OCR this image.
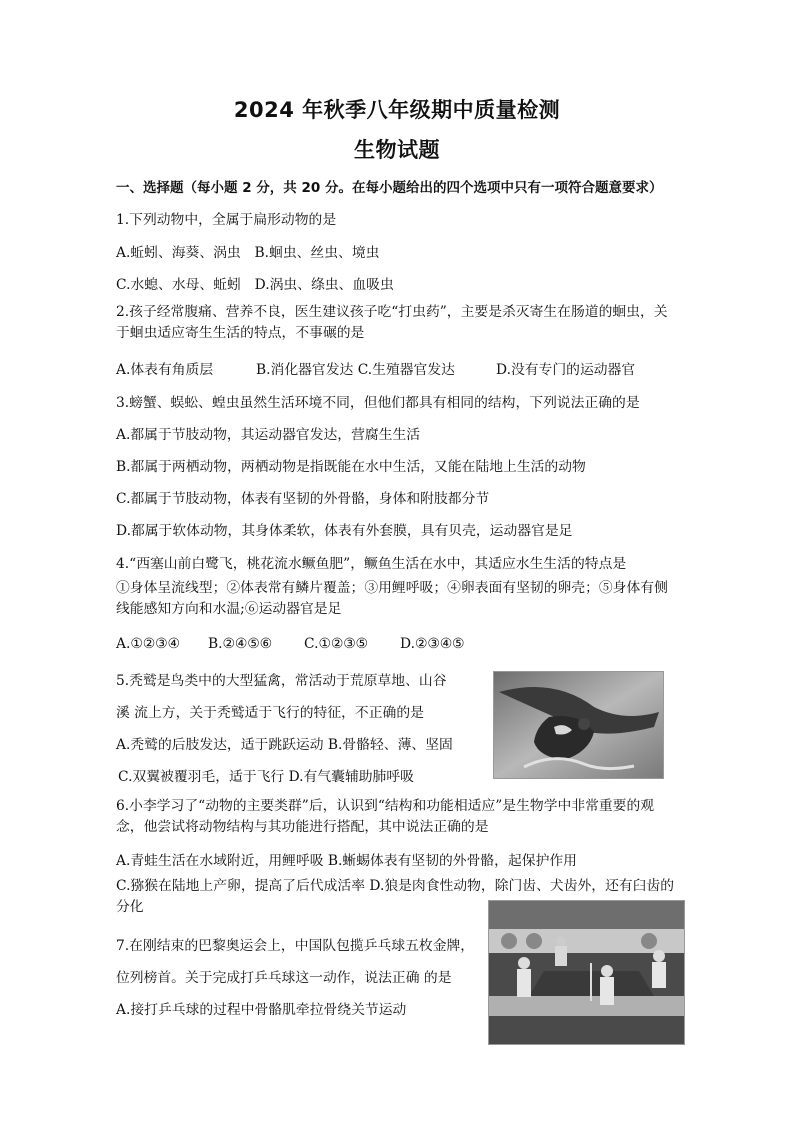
2024 年秋季八年级期中质量检测
生物试题

一、选择题（每小题 2 分，共 20 分。在每小题给出的四个选项中只有一项符合题意要求）

1.下列动物中，全属于扁形动物的是

A.蚯蚓、海葵、涡虫　B.蛔虫、丝虫、境虫

C.水螅、水母、蚯蚓　D.涡虫、绦虫、血吸虫

2.孩子经常腹痛、营养不良，医生建议孩子吃“打虫药”，主要是杀灭寄生在肠道的蛔虫，关于蛔虫适应寄生生活的特点，不事碾的是

A.体表有角质层	B.消化器官发达 C.生殖器官发达	D.没有专门的运动器官

3.螃蟹、蜈蚣、蝗虫虽然生活环境不同，但他们都具有相同的结构，下列说法正确的是

A.都属于节肢动物，其运动器官发达，营腐生生活

B.都属于两栖动物，两栖动物是指既能在水中生活，又能在陆地上生活的动物

C.都属于节肢动物，体表有坚韧的外骨骼，身体和附肢都分节

D.都属于软体动物，其身体柔软，体表有外套膜，具有贝壳，运动器官是足

4.“西塞山前白鹭飞，桃花流水鳜鱼肥”，鳜鱼生活在水中，其适应水生生活的特点是

①身体呈流线型；②体表常有鳞片覆盖；③用鲤呼吸；④卵表面有坚韧的卵壳；⑤身体有侧线能感知方向和水温;⑥运动器官是足

A.①②③④ B.②④⑤⑥ C.①②③⑤ D.②③④⑤

5.秃鹫是鸟类中的大型猛禽，常活动于荒原草地、山谷

溪 流上方，关于秃鹫适于飞行的特征，不正确的是

A.秃鹫的后肢发达，适于跳跃运动 B.骨骼轻、薄、坚固

C.双翼被覆羽毛，适于飞行 D.有气囊辅助肺呼吸

6.小李学习了“动物的主要类群”后，认识到“结构和功能相适应”是生物学中非常重要的观念，他尝试将动物结构与其功能进行搭配，其中说法正确的是

A.青蛙生活在水域附近，用鲤呼吸 B.蜥蜴体表有坚韧的外骨骼，起保护作用

C.猕猴在陆地上产卵，提高了后代成活率 D.狼是肉食性动物，除门齿、犬齿外，还有臼齿的分化

7.在刚结束的巴黎奥运会上，中国队包揽乒乓球五枚金牌，

位列榜首。关于完成打乒乓球这一动作，说法正确 的是

A.接打乒乓球的过程中骨骼肌牵拉骨绕关节运动
